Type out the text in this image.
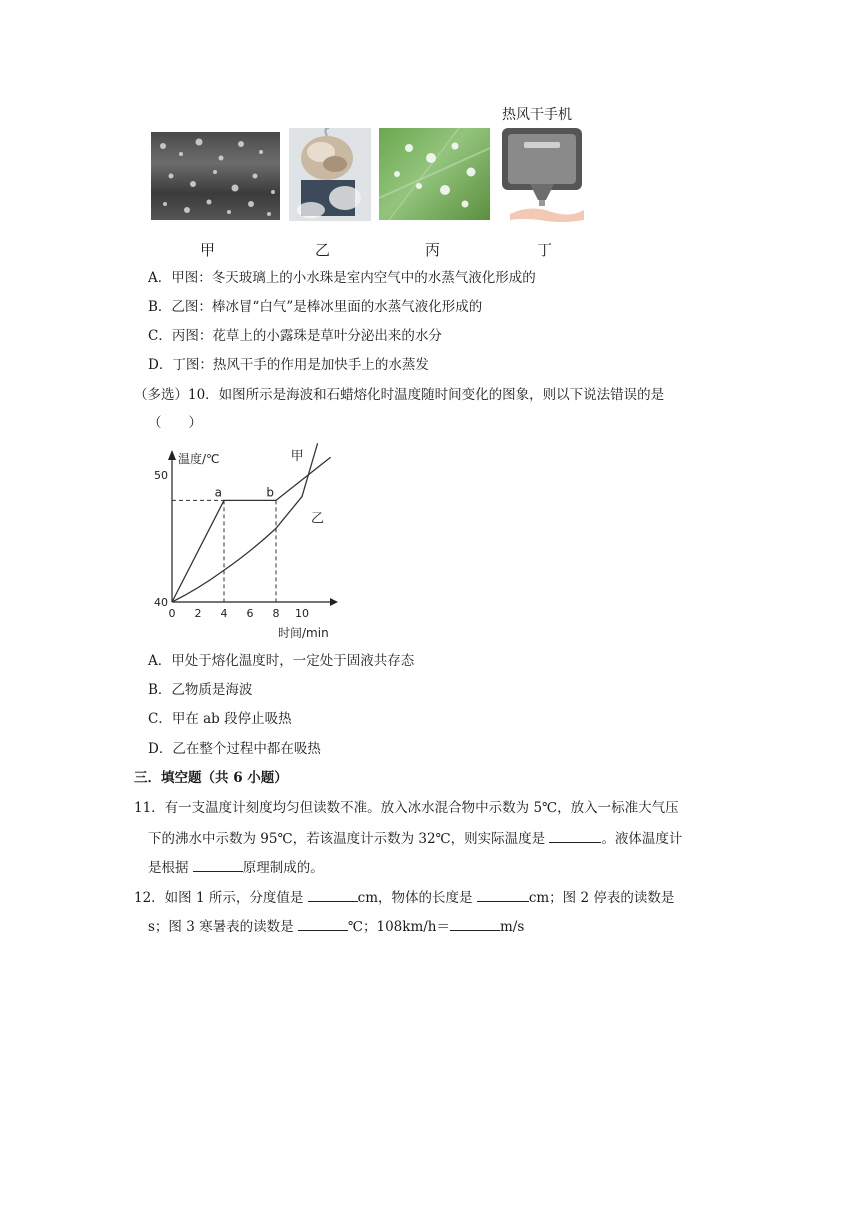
热风干手机
甲	乙	丙	丁
A．甲图：冬天玻璃上的小水珠是室内空气中的水蒸气液化形成的
B．乙图：棒冰冒“白气”是棒冰里面的水蒸气液化形成的
C．丙图：花草上的小露珠是草叶分泌出来的水分
D．丁图：热风干手的作用是加快手上的水蒸发
（多选）10．如图所示是海波和石蜡熔化时温度随时间变化的图象，则以下说法错误的是
（　　）
温度/℃
时间/min
0 2 4 6 8 10
40
50
a	b
甲
乙
A．甲处于熔化温度时，一定处于固液共存态
B．乙物质是海波
C．甲在 ab 段停止吸热
D．乙在整个过程中都在吸热
三．填空题（共 6 小题）
11．有一支温度计刻度均匀但读数不准。放入冰水混合物中示数为 5℃，放入一标准大气压
下的沸水中示数为 95℃，若该温度计示数为 32℃，则实际温度是	。液体温度计
是根据	原理制成的。
12．如图 1 所示，分度值是	cm，物体的长度是	cm；图 2 停表的读数是
s；图 3 寒暑表的读数是	℃；108km/h＝	m/s
